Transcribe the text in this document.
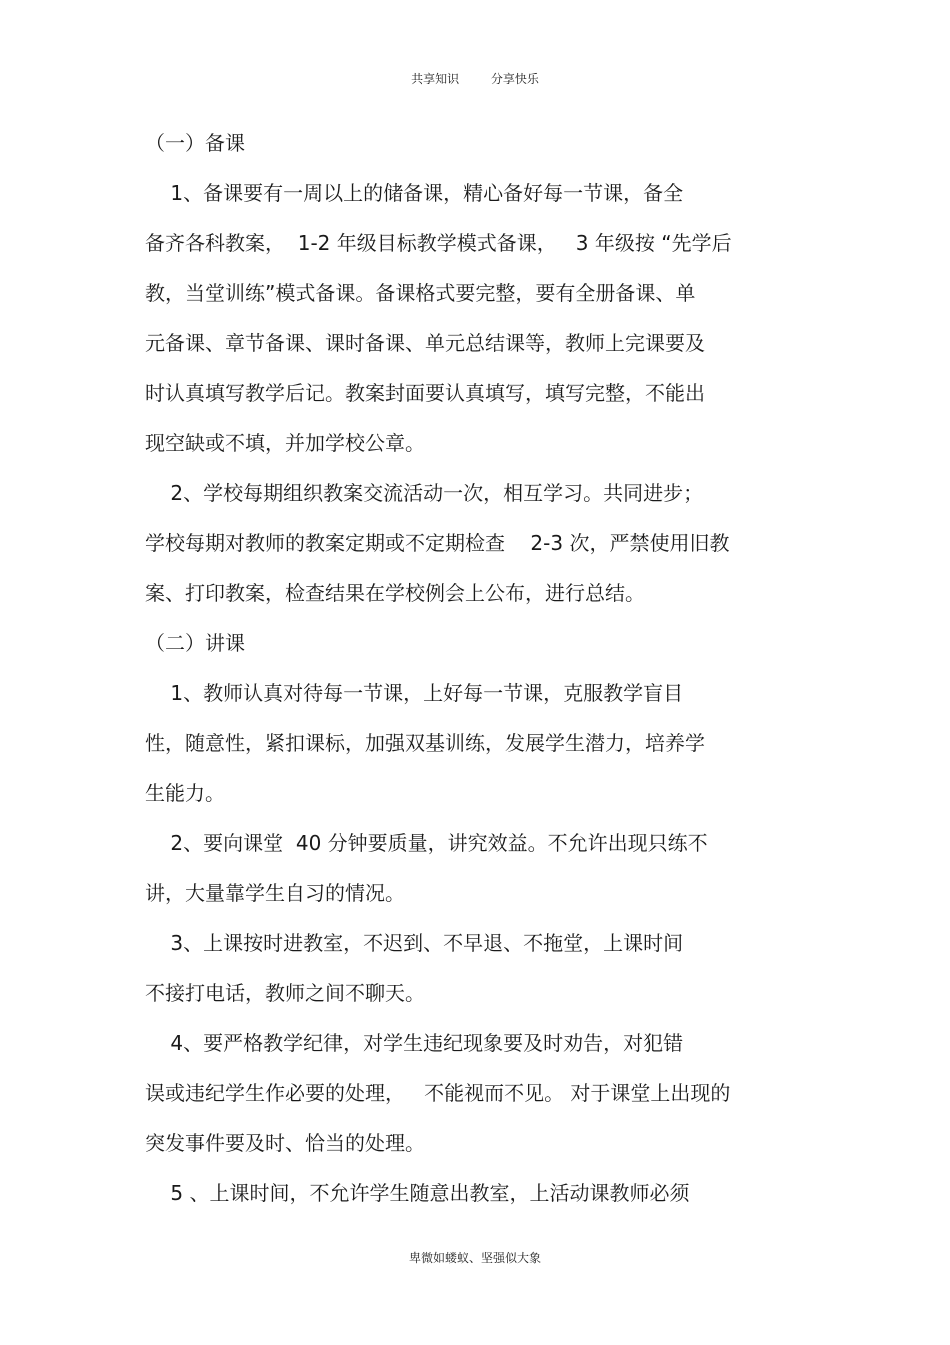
共享知识	分享快乐
（一）备课
1、备课要有一周以上的储备课，精心备好每一节课，备全
备齐各科教案，  1-2 年级目标教学模式备课，   3 年级按 “先学后
教，当堂训练”模式备课。备课格式要完整，要有全册备课、单
元备课、章节备课、课时备课、单元总结课等，教师上完课要及
时认真填写教学后记。教案封面要认真填写，填写完整，不能出
现空缺或不填，并加学校公章。
2、学校每期组织教案交流活动一次，相互学习。共同进步；
学校每期对教师的教案定期或不定期检查    2-3 次，严禁使用旧教
案、打印教案，检查结果在学校例会上公布，进行总结。
（二）讲课
1、教师认真对待每一节课，上好每一节课，克服教学盲目
性，随意性，紧扣课标，加强双基训练，发展学生潜力，培养学
生能力。
2、要向课堂  40 分钟要质量，讲究效益。不允许出现只练不
讲，大量靠学生自习的情况。
3、上课按时进教室，不迟到、不早退、不拖堂，上课时间
不接打电话，教师之间不聊天。
4、要严格教学纪律，对学生违纪现象要及时劝告，对犯错
误或违纪学生作必要的处理，   不能视而不见。 对于课堂上出现的
突发事件要及时、恰当的处理。
5 、上课时间，不允许学生随意出教室，上活动课教师必须
卑微如蝼蚁、坚强似大象
